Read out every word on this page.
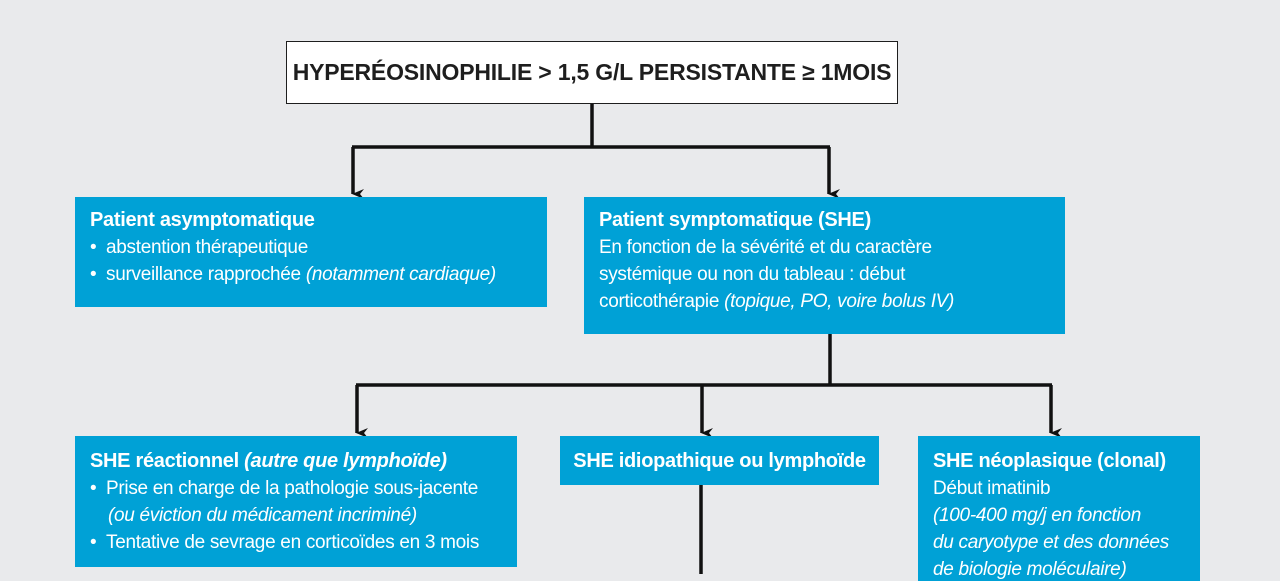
HYPERÉOSINOPHILIE > 1,5 G/L PERSISTANTE ≥ 1MOIS
Patient asymptomatique
• abstention thérapeutique
• surveillance rapprochée (notamment cardiaque)
Patient symptomatique (SHE)
En fonction de la sévérité et du caractère
systémique ou non du tableau : début
corticothérapie (topique, PO, voire bolus IV)
SHE réactionnel (autre que lymphoïde)
• Prise en charge de la pathologie sous-jacente
(ou éviction du médicament incriminé)
• Tentative de sevrage en corticoïdes en 3 mois
SHE idiopathique ou lymphoïde	SHE néoplasique (clonal)
Début imatinib
(100-400 mg/j en fonction
du caryotype et des données
de biologie moléculaire)
